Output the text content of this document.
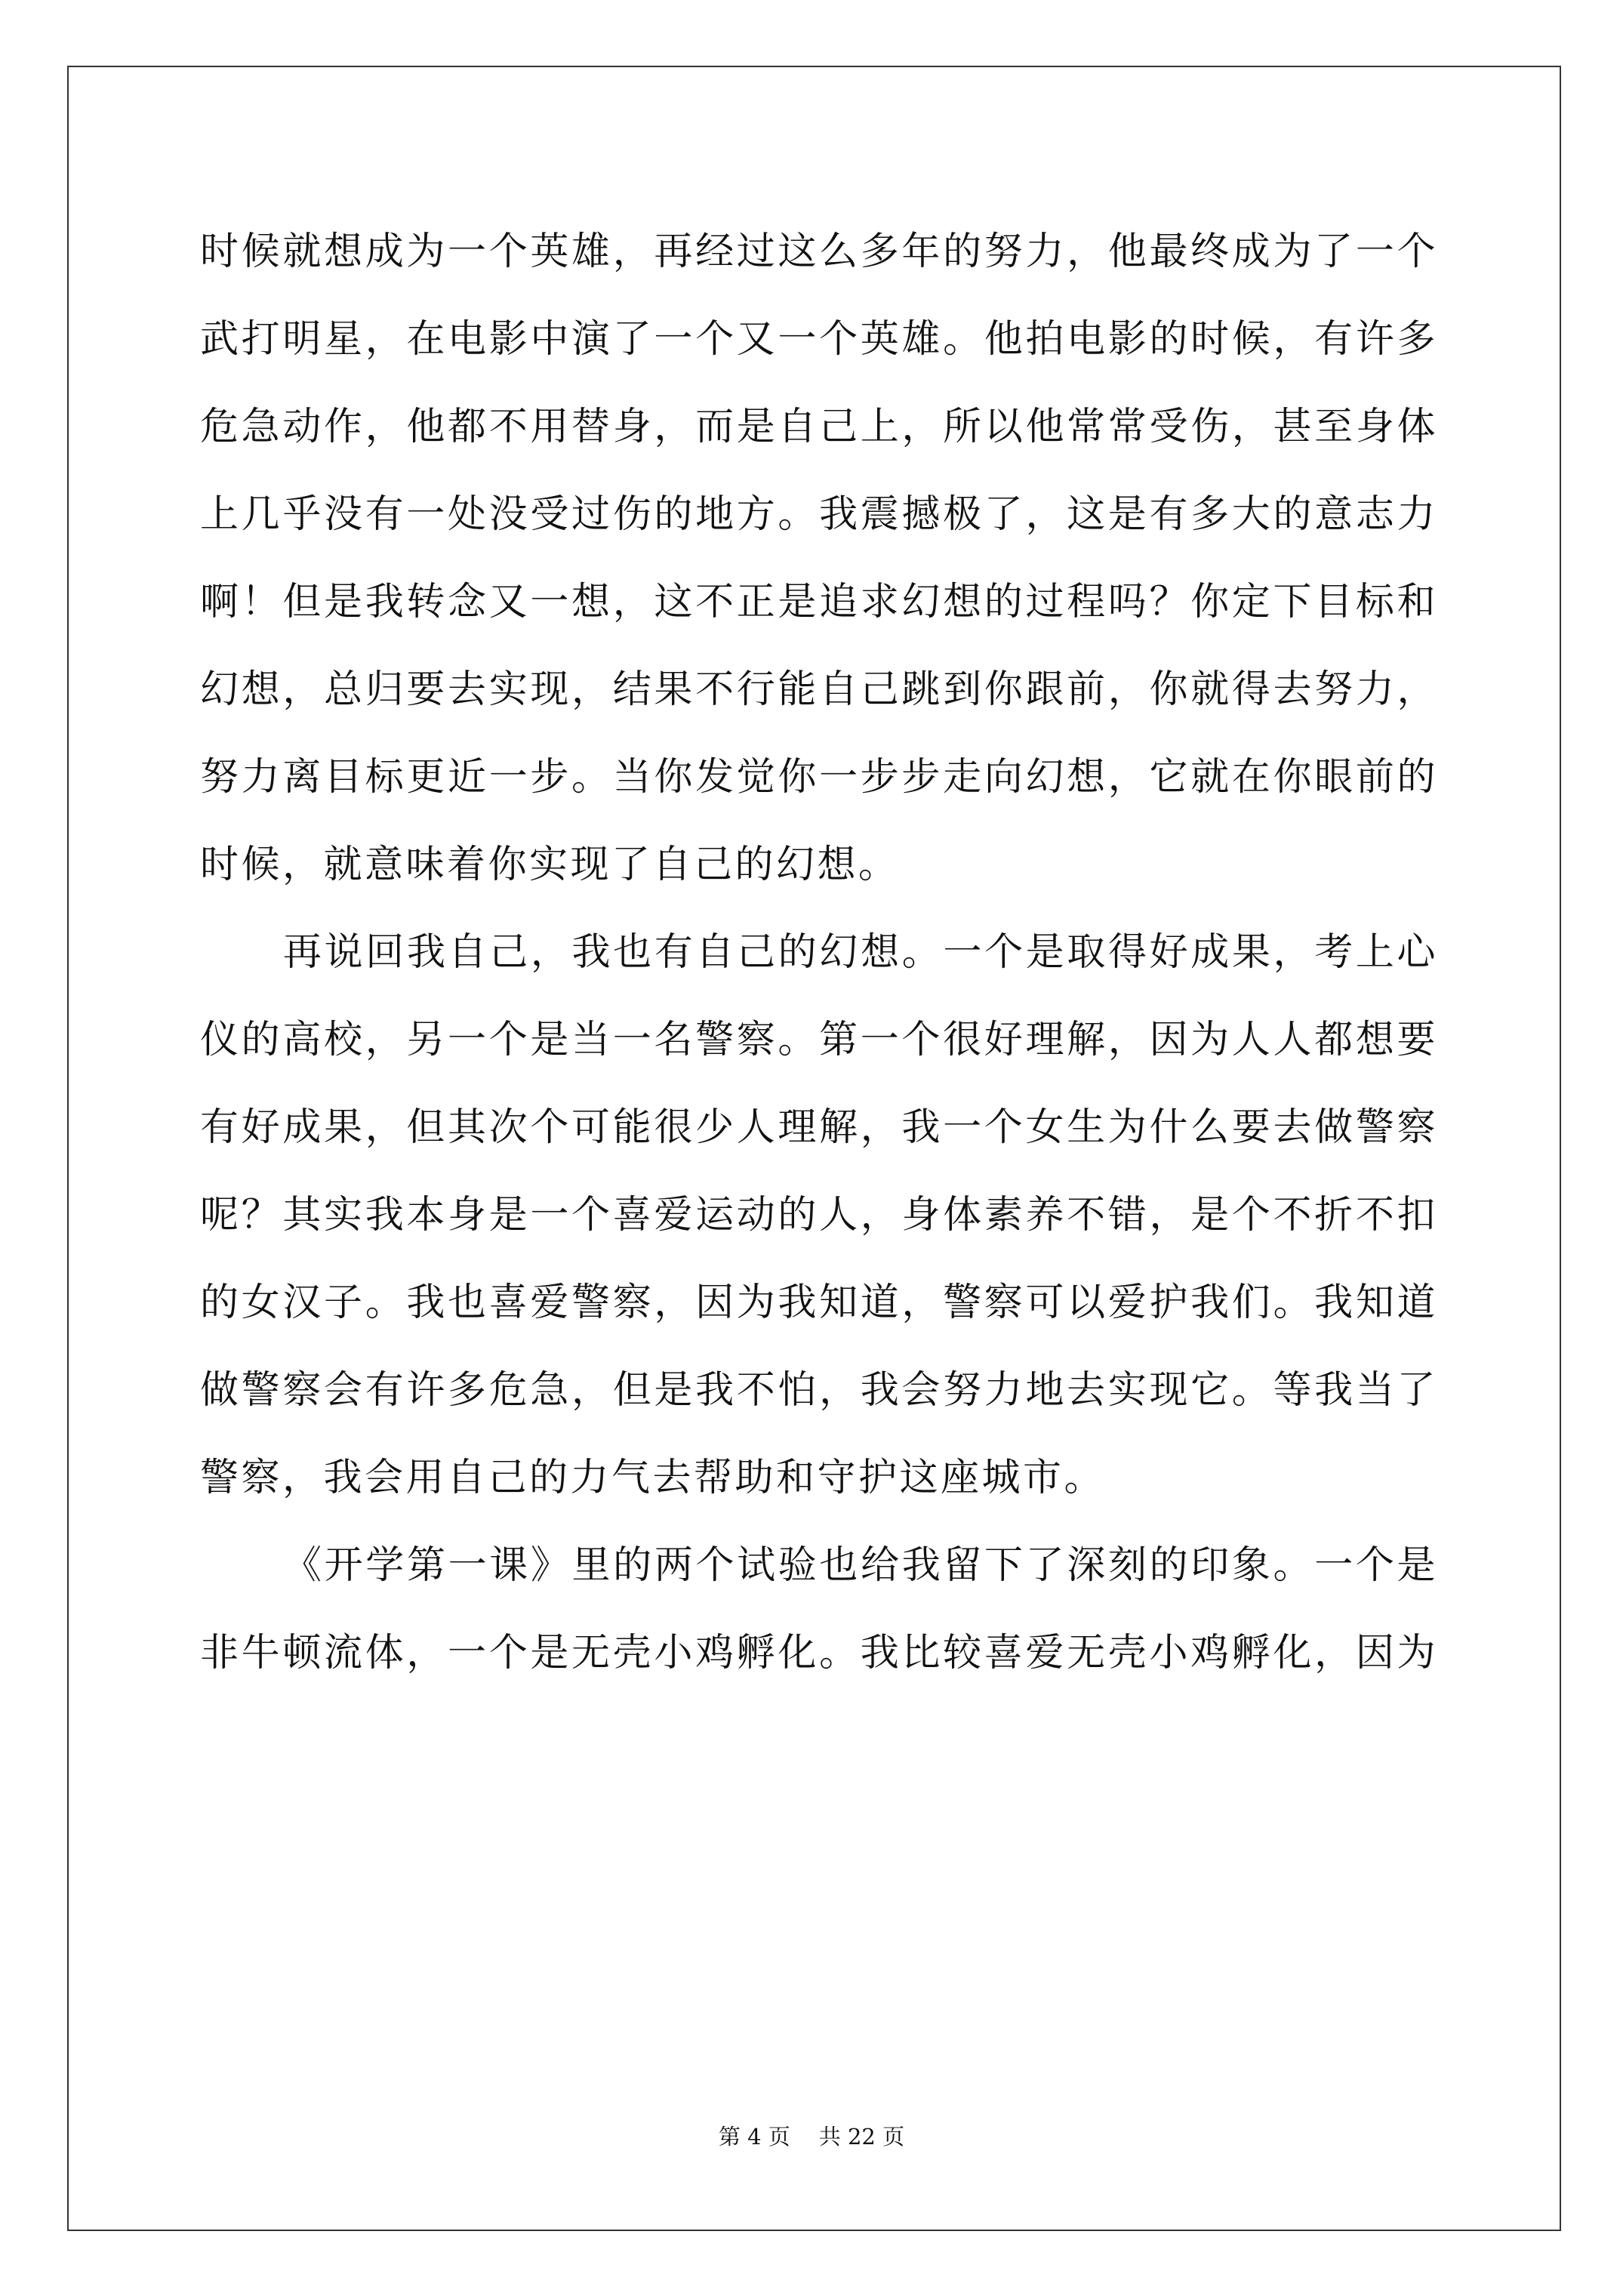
时候就想成为一个英雄，再经过这么多年的努力，他最终成为了一个
武打明星，在电影中演了一个又一个英雄。他拍电影的时候，有许多
危急动作，他都不用替身，而是自己上，所以他常常受伤，甚至身体
上几乎没有一处没受过伤的地方。我震撼极了，这是有多大的意志力
啊！但是我转念又一想，这不正是追求幻想的过程吗？你定下目标和
幻想，总归要去实现，结果不行能自己跳到你跟前，你就得去努力，
努力离目标更近一步。当你发觉你一步步走向幻想，它就在你眼前的
时候，就意味着你实现了自己的幻想。
再说回我自己，我也有自己的幻想。一个是取得好成果，考上心
仪的高校，另一个是当一名警察。第一个很好理解，因为人人都想要
有好成果，但其次个可能很少人理解，我一个女生为什么要去做警察
呢？其实我本身是一个喜爱运动的人，身体素养不错，是个不折不扣
的女汉子。我也喜爱警察，因为我知道，警察可以爱护我们。我知道
做警察会有许多危急，但是我不怕，我会努力地去实现它。等我当了
警察，我会用自己的力气去帮助和守护这座城市。
《开学第一课》里的两个试验也给我留下了深刻的印象。一个是
非牛顿流体，一个是无壳小鸡孵化。我比较喜爱无壳小鸡孵化，因为
第 4 页 共 22 页
